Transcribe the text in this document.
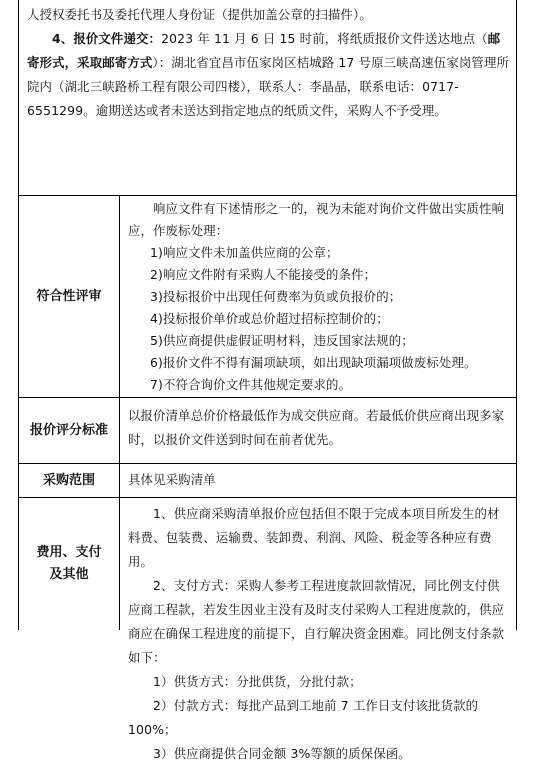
人授权委托书及委托代理人身份证（提供加盖公章的扫描件）。

4、报价文件递交：2023 年 11 月 6 日 15 时前，将纸质报价文件送达地点（邮寄形式，采取邮寄方式）：湖北省宜昌市伍家岗区桔城路 17 号原三峡高速伍家岗管理所院内（湖北三峡路桥工程有限公司四楼），联系人：李晶晶，联系电话：0717-6551299。逾期送达或者未送达到指定地点的纸质文件，采购人不予受理。

符合性评审

响应文件有下述情形之一的，视为未能对询价文件做出实质性响应，作废标处理：

1)响应文件未加盖供应商的公章；

2)响应文件附有采购人不能接受的条件；

3)投标报价中出现任何费率为负或负报价的；

4)投标报价单价或总价超过招标控制价的；

5)供应商提供虚假证明材料，违反国家法规的；

6)报价文件不得有漏项缺项，如出现缺项漏项做废标处理。

7)不符合询价文件其他规定要求的。

报价评分标准

以报价清单总价价格最低作为成交供应商。若最低价供应商出现多家时，以报价文件送到时间在前者优先。

采购范围	具体见采购清单

费用、支付及其他

1、供应商采购清单报价应包括但不限于完成本项目所发生的材料费、包装费、运输费、装卸费、利润、风险、税金等各种应有费用。

2、支付方式：采购人参考工程进度款回款情况，同比例支付供应商工程款，若发生因业主没有及时支付采购人工程进度款的，供应商应在确保工程进度的前提下，自行解决资金困难。同比例支付条款如下：

1）供货方式：分批供货，分批付款；

2）付款方式：每批产品到工地前 7 工作日支付该批货款的 100%；

3）供应商提供合同金额 3%等额的质保保函。
